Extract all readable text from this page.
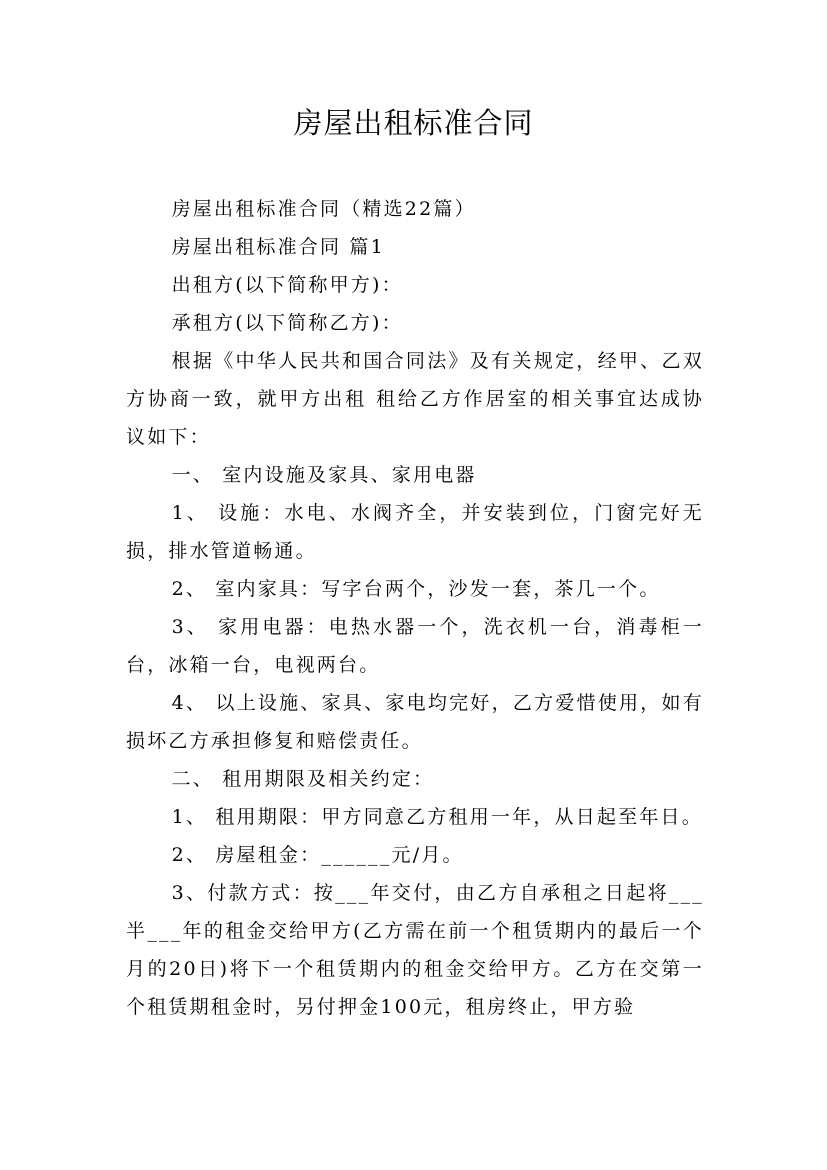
房屋出租标准合同

房屋出租标准合同（精选22篇）

房屋出租标准合同 篇1

出租方(以下简称甲方)：

承租方(以下简称乙方)：

根据《中华人民共和国合同法》及有关规定，经甲、乙双方协商一致，就甲方出租 租给乙方作居室的相关事宜达成协议如下：

一、 室内设施及家具、家用电器

1、 设施：水电、水阀齐全，并安装到位，门窗完好无损，排水管道畅通。

2、 室内家具：写字台两个，沙发一套，茶几一个。

3、 家用电器：电热水器一个，洗衣机一台，消毒柜一台，冰箱一台，电视两台。

4、 以上设施、家具、家电均完好，乙方爱惜使用，如有损坏乙方承担修复和赔偿责任。

二、 租用期限及相关约定：

1、 租用期限：甲方同意乙方租用一年，从日起至年日。

2、 房屋租金：______元/月。

3、付款方式：按___年交付，由乙方自承租之日起将___半___年的租金交给甲方(乙方需在前一个租赁期内的最后一个月的20日)将下一个租赁期内的租金交给甲方。乙方在交第一个租赁期租金时，另付押金100元，租房终止，甲方验
